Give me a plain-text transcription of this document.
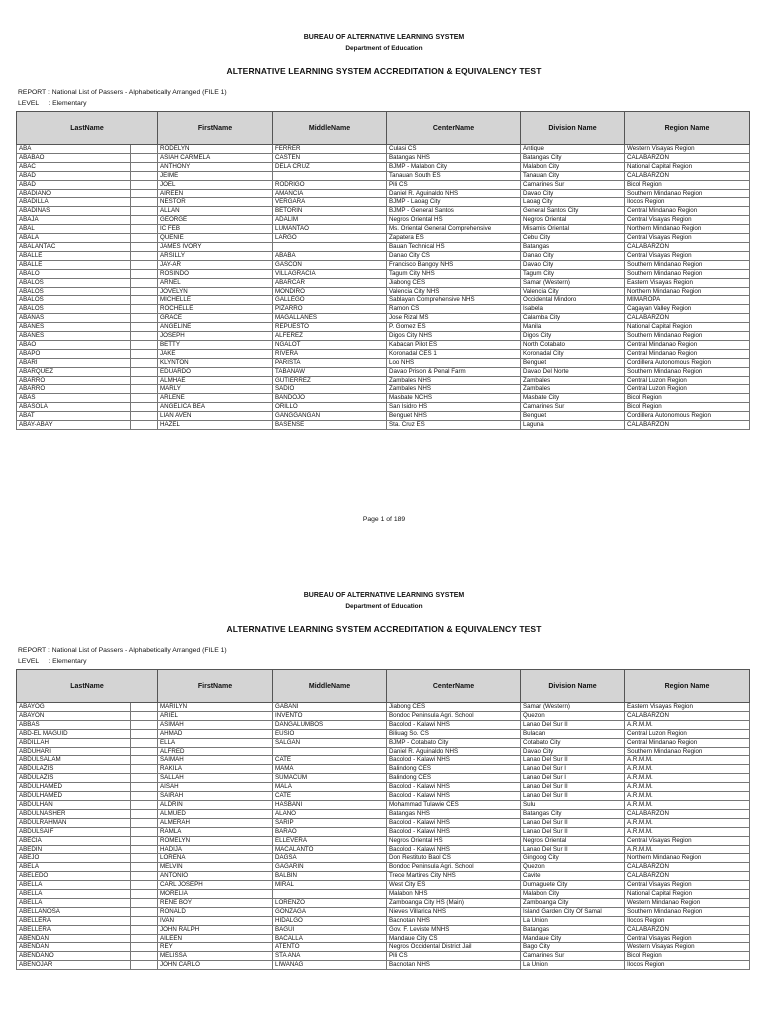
BUREAU OF ALTERNATIVE LEARNING SYSTEM
Department of Education
ALTERNATIVE LEARNING SYSTEM ACCREDITATION & EQUIVALENCY TEST
REPORT : National List of Passers - Alphabetically Arranged (FILE 1)
LEVEL     : Elementary
LastName		FirstName	MiddleName	CenterName	Division Name	Region Name
ABA		RODELYN	FERRER	Culasi CS	Antique	Western Visayas Region
ABABAO		ASIAH CARMELA	CASTEN	Batangas NHS	Batangas City	CALABARZON
ABAC		ANTHONY	DELA CRUZ	BJMP - Malabon City	Malabon City	National Capital Region
ABAD		JEIME		Tanauan South ES	Tanauan City	CALABARZON
ABAD		JOEL	RODRIGO	Pili CS	Camarines Sur	Bicol Region
ABADIANO		AIREEN	AMANCIA	Daniel R. Aguinaldo NHS	Davao City	Southern Mindanao Region
ABADILLA		NESTOR	VERGARA	BJMP - Laoag City	Laoag City	Ilocos Region
ABADINAS		ALLAN	BETORIN	BJMP - General Santos	General Santos City	Central Mindanao Region
ABAJA		GEORGE	ADALIM	Negros Oriental HS	Negros Oriental	Central Visayas Region
ABAL		IC FEB	LUMANTAO	Ms. Oriental General Comprehensive	Misamis Oriental	Northern Mindanao Region
ABALA		QUENIE	LARGO	Zapatera ES	Cebu City	Central Visayas Region
ABALANTAC		JAMES IVORY		Bauan Technical HS	Batangas	CALABARZON
ABALLE		ARSILLY	ABABA	Danao City CS	Danao City	Central Visayas Region
ABALLE		JAY-AR	GASCON	Francisco Bangoy NHS	Davao City	Southern Mindanao Region
ABALO		ROSINDO	VILLAGRACIA	Tagum City NHS	Tagum City	Southern Mindanao Region
ABALOS		ARNEL	ABARCAR	Jiabong CES	Samar (Western)	Eastern Visayas Region
ABALOS		JOVELYN	MONDIRO	Valencia City NHS	Valencia City	Northern Mindanao Region
ABALOS		MICHELLE	GALLEGO	Sablayan Comprehensive NHS	Occidental Mindoro	MIMAROPA
ABALOS		ROCHELLE	PIZARRO	Ramon CS	Isabela	Cagayan Valley Region
ABAÑAS		GRACE	MAGALLANES	Jose Rizal MS	Calamba City	CALABARZON
ABANES		ANGELINE	REPUESTO	P. Gomez ES	Manila	National Capital Region
ABANES		JOSEPH	ALFEREZ	Digos City NHS	Digos City	Southern Mindanao Region
ABAO		BETTY	NGALOT	Kabacan Pilot ES	North Cotabato	Central Mindanao Region
ABAPO		JAKE	RIVERA	Koronadal CES 1	Koronadal City	Central Mindanao Region
ABARI		KLYNTON	PARISTA	Loo NHS	Benguet	Cordillera Autonomous Region
ABARQUEZ		EDUARDO	TABANAW	Davao Prison & Penal Farm	Davao Del Norte	Southern Mindanao Region
ABARRO		ALMHAE	GUTIERREZ	Zambales NHS	Zambales	Central Luzon Region
ABARRO		MARLY	SADIO	Zambales NHS	Zambales	Central Luzon Region
ABAS		ARLENE	BANDOJO	Masbate NCHS	Masbate City	Bicol Region
ABASOLA		ANGELICA BEA	ORILLO	San Isidro HS	Camarines Sur	Bicol Region
ABAT		LIAN AVEN	GANGGANGAN	Benguet NHS	Benguet	Cordillera Autonomous Region
ABAY-ABAY		HAZEL	BASENSE	Sta. Cruz ES	Laguna	CALABARZON
Page 1 of 189
BUREAU OF ALTERNATIVE LEARNING SYSTEM
Department of Education
ALTERNATIVE LEARNING SYSTEM ACCREDITATION & EQUIVALENCY TEST
REPORT : National List of Passers - Alphabetically Arranged (FILE 1)
LEVEL     : Elementary
LastName		FirstName	MiddleName	CenterName	Division Name	Region Name
ABAYOG		MARILYN	GABANI	Jiabong CES	Samar (Western)	Eastern Visayas Region
ABAYON		ARIEL	INVENTO	Bondoc Peninsula Agri. School	Quezon	CALABARZON
ABBAS		ASIMAH	DANGALUMBOS	Bacolod - Kalawi NHS	Lanao Del Sur II	A.R.M.M.
ABD-EL MAGUID		AHMAD	EUSIO	Biliuag So. CS	Bulacan	Central Luzon Region
ABDILLAH		ELLA	SALGAN	BJMP - Cotabato City	Cotabato City	Central Mindanao Region
ABDUHARI		ALFRED		Daniel R. Aguinaldo NHS	Davao City	Southern Mindanao Region
ABDULSALAM		SAIMAH	CATE	Bacolod - Kalawi NHS	Lanao Del Sur II	A.R.M.M.
ABDULAZIS		RAKILA	MAMA	Balindong CES	Lanao Del Sur I	A.R.M.M.
ABDULAZIS		SALLAH	SUMACUM	Balindong CES	Lanao Del Sur I	A.R.M.M.
ABDULHAMED		AISAH	MALA	Bacolod - Kalawi NHS	Lanao Del Sur II	A.R.M.M.
ABDULHAMED		SAIRAH	CATE	Bacolod - Kalawi NHS	Lanao Del Sur II	A.R.M.M.
ABDULHAN		ALDRIN	HASBANI	Mohammad Tulawie CES	Sulu	A.R.M.M.
ABDULNASHER		ALMUED	ALANO	Batangas NHS	Batangas City	CALABARZON
ABDULRAHMAN		ALMERAH	SARIP	Bacolod - Kalawi NHS	Lanao Del Sur II	A.R.M.M.
ABDULSAIF		RAMLA	BARAO	Bacolod - Kalawi NHS	Lanao Del Sur II	A.R.M.M.
ABECIA		ROMELYN	ELLEVERA	Negros Oriental HS	Negros Oriental	Central Visayas Region
ABEDIN		HADIJA	MACALANTO	Bacolod - Kalawi NHS	Lanao Del Sur II	A.R.M.M.
ABEJO		LORENA	DAGSA	Don Restituto Baol CS	Gingoog City	Northern Mindanao Region
ABELA		MELVIN	GAGARIN	Bondoc Peninsula Agri. School	Quezon	CALABARZON
ABELEDO		ANTONIO	BALBIN	Trece Martires City NHS	Cavite	CALABARZON
ABELLA		CARL JOSEPH	MIRAL	West City ES	Dumaguete City	Central Visayas Region
ABELLA		MORELIA		Malabon NHS	Malabon City	National Capital Region
ABELLA		RENE BOY	LORENZO	Zamboanga City HS (Main)	Zamboanga City	Western Mindanao Region
ABELLANOSA		RONALD	GONZAGA	Nieves Villarica NHS	Island Garden City Of Samal	Southern Mindanao Region
ABELLERA		IVAN	HIDALGO	Bacnotan NHS	La Union	Ilocos Region
ABELLERA		JOHN RALPH	BAGUI	Gov. F. Leviste MNHS	Batangas	CALABARZON
ABENDAN		AILEEN	BACALLA	Mandaue City CS	Mandaue City	Central Visayas Region
ABENDAN		REY	ATENTO	Negros Occidental District Jail	Bago City	Western Visayas Region
ABENDAÑO		MELISSA	STA ANA	Pili CS	Camarines Sur	Bicol Region
ABENOJAR		JOHN CARLO	LIWANAG	Bacnotan NHS	La Union	Ilocos Region
